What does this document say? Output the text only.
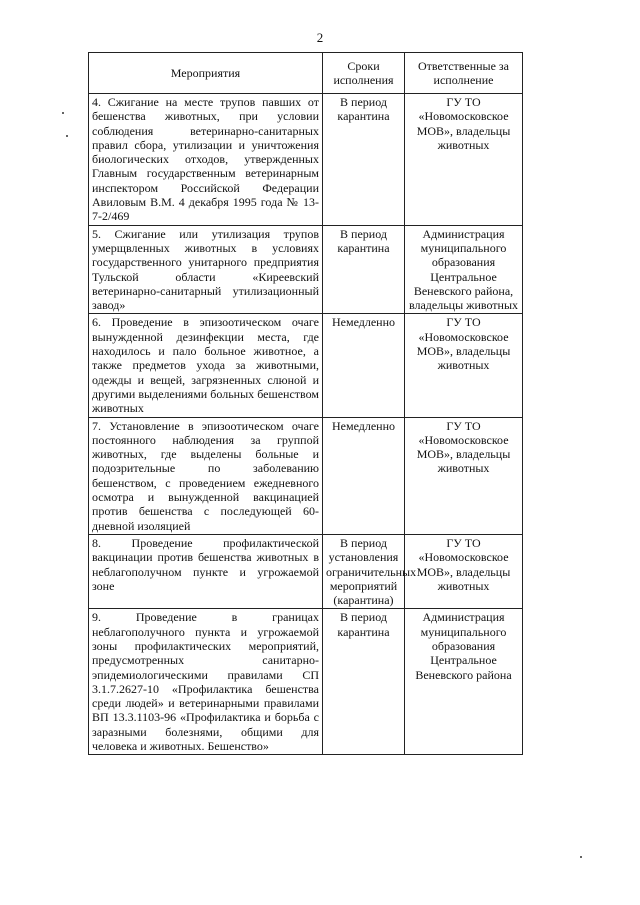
2
Мероприятия	Сроки исполнения	Ответственные за исполнение
4. Сжигание на месте трупов павших от бешенства животных, при условии соблюдения ветеринарно-санитарных правил сбора, утилизации и уничтожения биологических отходов, утвержденных Главным государственным ветеринарным инспектором Российской Федерации Авиловым В.М. 4 декабря 1995 года № 13-7-2/469	В период карантина	ГУ ТО «Новомосковское МОВ», владельцы животных
5. Сжигание или утилизация трупов умерщвленных животных в условиях государственного унитарного предприятия Тульской области «Киреевский ветеринарно-санитарный утилизационный завод»	В период карантина	Администрация муниципального образования Центральное Веневского района, владельцы животных
6. Проведение в эпизоотическом очаге вынужденной дезинфекции места, где находилось и пало больное животное, а также предметов ухода за животными, одежды и вещей, загрязненных слюной и другими выделениями больных бешенством животных	Немедленно	ГУ ТО «Новомосковское МОВ», владельцы животных
7. Установление в эпизоотическом очаге постоянного наблюдения за группой животных, где выделены больные и подозрительные по заболеванию бешенством, с проведением ежедневного осмотра и вынужденной вакцинацией против бешенства с последующей 60-дневной изоляцией	Немедленно	ГУ ТО «Новомосковское МОВ», владельцы животных
8. Проведение профилактической вакцинации против бешенства животных в неблагополучном пункте и угрожаемой зоне	В период установления ограничительных мероприятий (карантина)	ГУ ТО «Новомосковское МОВ», владельцы животных
9. Проведение в границах неблагополучного пункта и угрожаемой зоны профилактических мероприятий, предусмотренных санитарно-эпидемиологическими правилами СП 3.1.7.2627-10 «Профилактика бешенства среди людей» и ветеринарными правилами ВП 13.3.1103-96 «Профилактика и борьба с заразными болезнями, общими для человека и животных. Бешенство»	В период карантина	Администрация муниципального образования Центральное Веневского района
